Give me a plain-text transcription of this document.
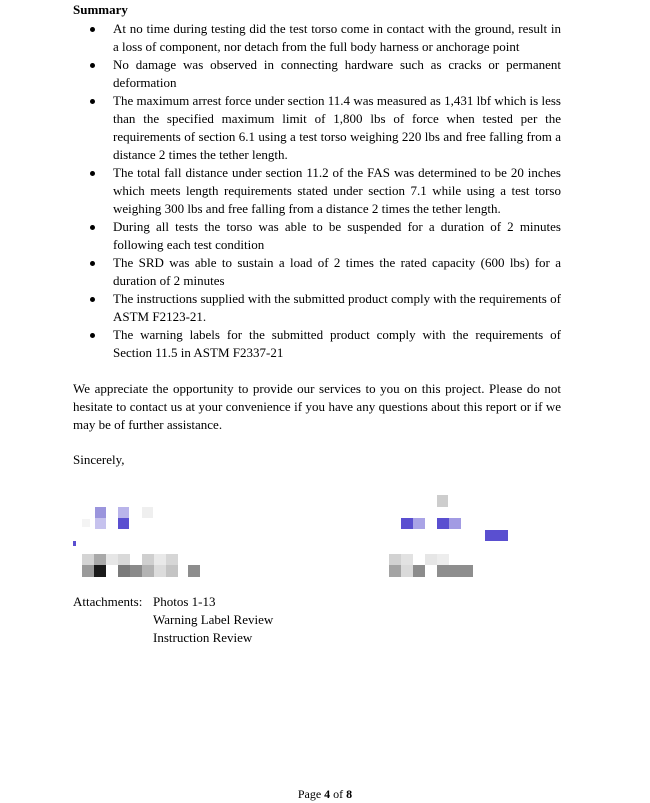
Summary
At no time during testing did the test torso come in contact with the ground, result in a loss of component, nor detach from the full body harness or anchorage point
No damage was observed in connecting hardware such as cracks or permanent deformation
The maximum arrest force under section 11.4 was measured as 1,431 lbf which is less than the specified maximum limit of 1,800 lbs of force when tested per the requirements of section 6.1 using a test torso weighing 220 lbs and free falling from a distance 2 times the tether length.
The total fall distance under section 11.2 of the FAS was determined to be 20 inches which meets length requirements stated under section 7.1 while using a test torso weighing 300 lbs and free falling from a distance 2 times the tether length.
During all tests the torso was able to be suspended for a duration of 2 minutes following each test condition
The SRD was able to sustain a load of 2 times the rated capacity (600 lbs) for a duration of 2 minutes
The instructions supplied with the submitted product comply with the requirements of ASTM F2123-21.
The warning labels for the submitted product comply with the requirements of Section 11.5 in ASTM F2337-21
We appreciate the opportunity to provide our services to you on this project. Please do not hesitate to contact us at your convenience if you have any questions about this report or if we may be of further assistance.
Sincerely,
Attachments: Photos 1-13
Warning Label Review
Instruction Review
Page 4 of 8
